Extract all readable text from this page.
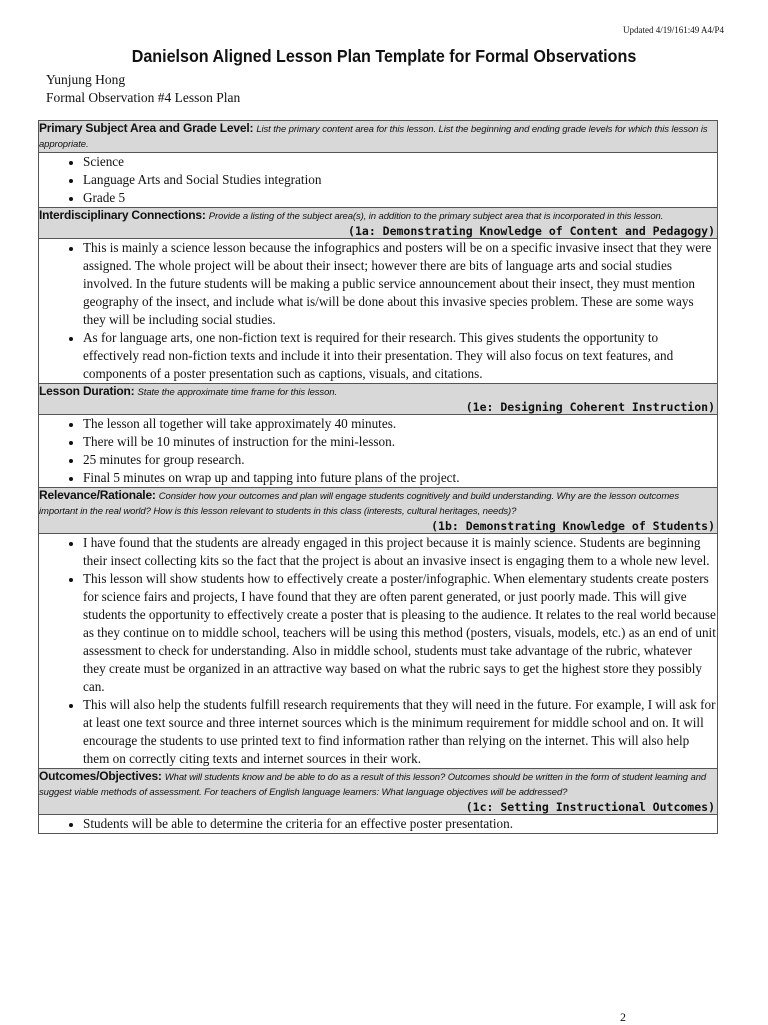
Updated 4/19/161:49 A4/P4
Danielson Aligned Lesson Plan Template for Formal Observations
Yunjung Hong
Formal Observation #4 Lesson Plan
Primary Subject Area and Grade Level: List the primary content area for this lesson. List the beginning and ending grade levels for which this lesson is appropriate.

• Science
• Language Arts and Social Studies integration
• Grade 5

Interdisciplinary Connections: Provide a listing of the subject area(s), in addition to the primary subject area that is incorporated in this lesson.
(1a: Demonstrating Knowledge of Content and Pedagogy)

• This is mainly a science lesson because the infographics and posters will be on a specific invasive insect that they were assigned. The whole project will be about their insect; however there are bits of language arts and social studies involved. In the future students will be making a public service announcement about their insect, they must mention geography of the insect, and include what is/will be done about this invasive species problem. These are some ways they will be including social studies.
• As for language arts, one non-fiction text is required for their research. This gives students the opportunity to effectively read non-fiction texts and include it into their presentation. They will also focus on text features, and components of a poster presentation such as captions, visuals, and citations.

Lesson Duration: State the approximate time frame for this lesson.
(1e: Designing Coherent Instruction)

• The lesson all together will take approximately 40 minutes.
• There will be 10 minutes of instruction for the mini-lesson.
• 25 minutes for group research.
• Final 5 minutes on wrap up and tapping into future plans of the project.

Relevance/Rationale: Consider how your outcomes and plan will engage students cognitively and build understanding. Why are the lesson outcomes important in the real world? How is this lesson relevant to students in this class (interests, cultural heritages, needs)?
(1b: Demonstrating Knowledge of Students)

• I have found that the students are already engaged in this project because it is mainly science. Students are beginning their insect collecting kits so the fact that the project is about an invasive insect is engaging them to a whole new level.
• This lesson will show students how to effectively create a poster/infographic. When elementary students create posters for science fairs and projects, I have found that they are often parent generated, or just poorly made. This will give students the opportunity to effectively create a poster that is pleasing to the audience. It relates to the real world because as they continue on to middle school, teachers will be using this method (posters, visuals, models, etc.) as an end of unit assessment to check for understanding. Also in middle school, students must take advantage of the rubric, whatever they create must be organized in an attractive way based on what the rubric says to get the highest store they possibly can.
• This will also help the students fulfill research requirements that they will need in the future. For example, I will ask for at least one text source and three internet sources which is the minimum requirement for middle school and on. It will encourage the students to use printed text to find information rather than relying on the internet. This will also help them on correctly citing texts and internet sources in their work.

Outcomes/Objectives: What will students know and be able to do as a result of this lesson? Outcomes should be written in the form of student learning and suggest viable methods of assessment. For teachers of English language learners: What language objectives will be addressed?
(1c: Setting Instructional Outcomes)

• Students will be able to determine the criteria for an effective poster presentation.
2
